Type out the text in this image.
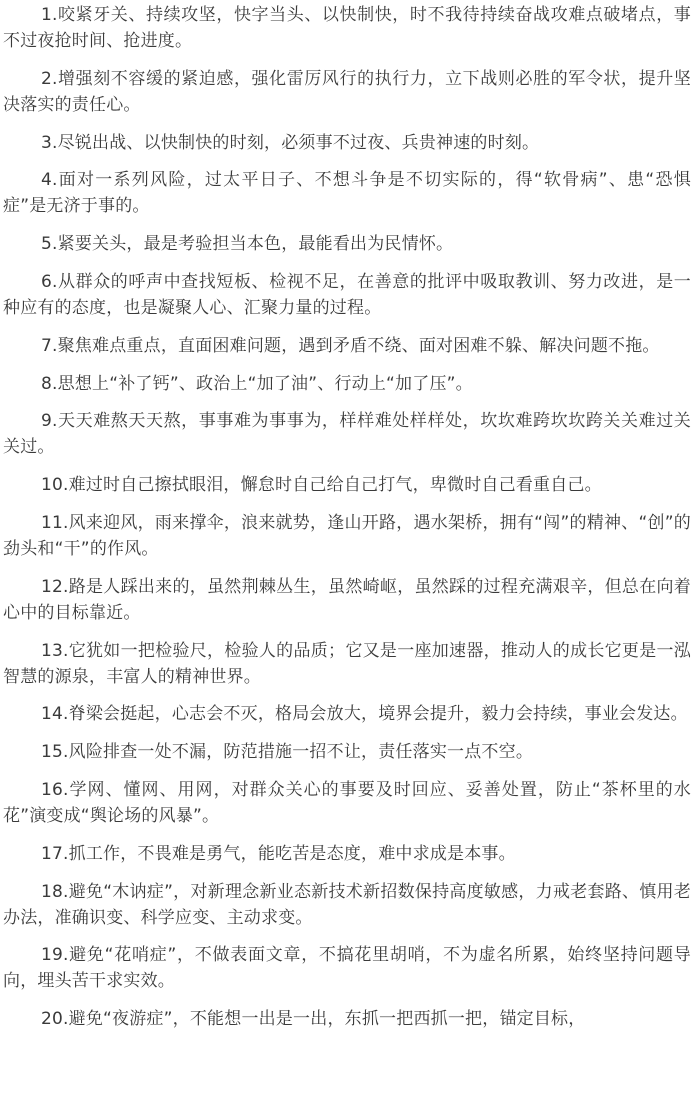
1.咬紧牙关、持续攻坚，快字当头、以快制快，时不我待持续奋战攻难点破堵点，事不过夜抢时间、抢进度。

2.增强刻不容缓的紧迫感，强化雷厉风行的执行力，立下战则必胜的军令状，提升坚决落实的责任心。

3.尽锐出战、以快制快的时刻，必须事不过夜、兵贵神速的时刻。

4.面对一系列风险，过太平日子、不想斗争是不切实际的，得“软骨病”、患“恐惧症”是无济于事的。

5.紧要关头，最是考验担当本色，最能看出为民情怀。

6.从群众的呼声中查找短板、检视不足，在善意的批评中吸取教训、努力改进，是一种应有的态度，也是凝聚人心、汇聚力量的过程。

7.聚焦难点重点，直面困难问题，遇到矛盾不绕、面对困难不躲、解决问题不拖。

8.思想上“补了钙”、政治上“加了油”、行动上“加了压”。

9.天天难熬天天熬，事事难为事事为，样样难处样样处，坎坎难跨坎坎跨关关难过关关过。

10.难过时自己擦拭眼泪，懈怠时自己给自己打气，卑微时自己看重自己。

11.风来迎风，雨来撑伞，浪来就势，逢山开路，遇水架桥，拥有“闯”的精神、“创”的劲头和“干”的作风。

12.路是人踩出来的，虽然荆棘丛生，虽然崎岖，虽然踩的过程充满艰辛，但总在向着心中的目标靠近。

13.它犹如一把检验尺，检验人的品质；它又是一座加速器，推动人的成长它更是一泓智慧的源泉，丰富人的精神世界。

14.脊梁会挺起，心志会不灭，格局会放大，境界会提升，毅力会持续，事业会发达。

15.风险排查一处不漏，防范措施一招不让，责任落实一点不空。

16.学网、懂网、用网，对群众关心的事要及时回应、妥善处置，防止“茶杯里的水花”演变成“舆论场的风暴”。

17.抓工作，不畏难是勇气，能吃苦是态度，难中求成是本事。

18.避免“木讷症”，对新理念新业态新技术新招数保持高度敏感，力戒老套路、慎用老办法，准确识变、科学应变、主动求变。

19.避免“花哨症”，不做表面文章，不搞花里胡哨，不为虚名所累，始终坚持问题导向，埋头苦干求实效。

20.避免“夜游症”，不能想一出是一出，东抓一把西抓一把，锚定目标，
